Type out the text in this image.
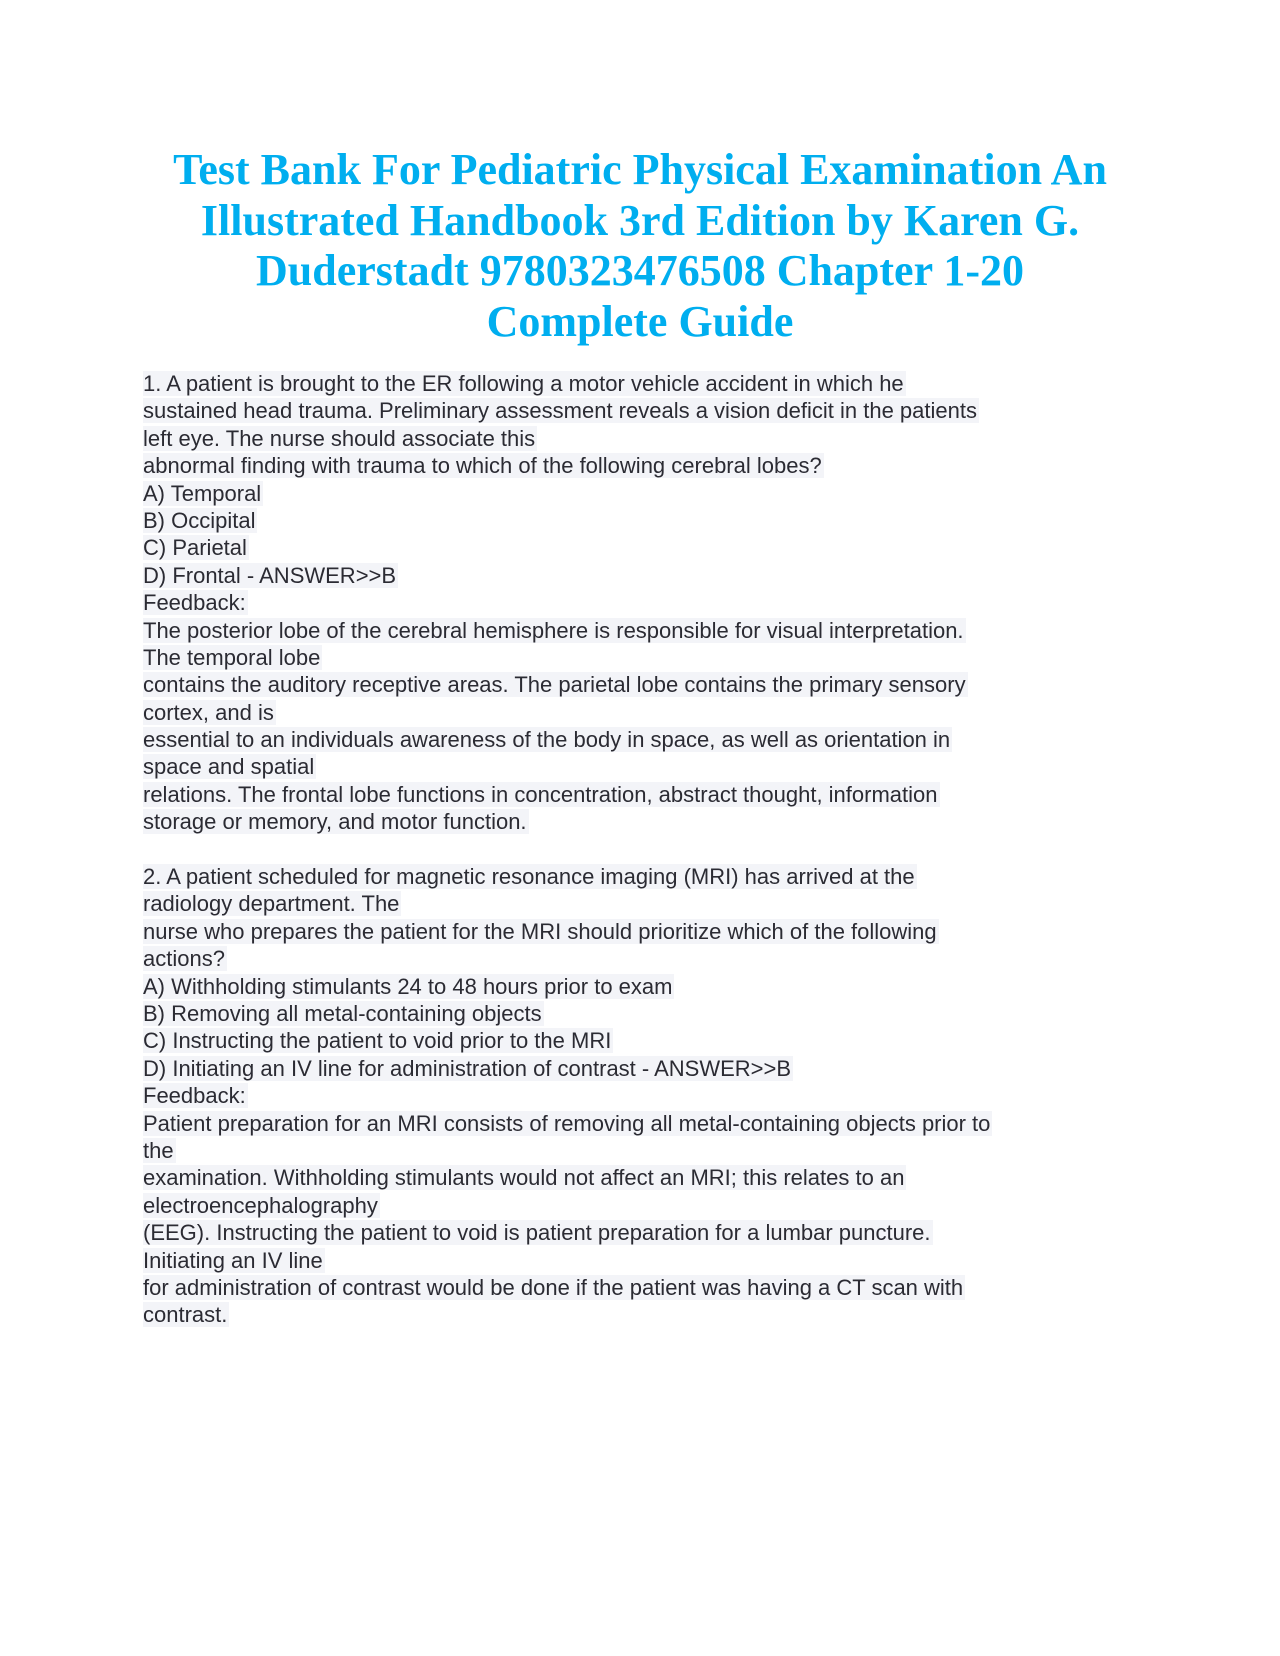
Test Bank For Pediatric Physical Examination An
Illustrated Handbook 3rd Edition by Karen G.
Duderstadt 9780323476508 Chapter 1-20
Complete Guide
1. A patient is brought to the ER following a motor vehicle accident in which he
sustained head trauma. Preliminary assessment reveals a vision deficit in the patients
left eye. The nurse should associate this
abnormal finding with trauma to which of the following cerebral lobes?
A) Temporal
B) Occipital
C) Parietal
D) Frontal - ANSWER>>B
Feedback:
The posterior lobe of the cerebral hemisphere is responsible for visual interpretation.
The temporal lobe
contains the auditory receptive areas. The parietal lobe contains the primary sensory
cortex, and is
essential to an individuals awareness of the body in space, as well as orientation in
space and spatial
relations. The frontal lobe functions in concentration, abstract thought, information
storage or memory, and motor function.
2. A patient scheduled for magnetic resonance imaging (MRI) has arrived at the
radiology department. The
nurse who prepares the patient for the MRI should prioritize which of the following
actions?
A) Withholding stimulants 24 to 48 hours prior to exam
B) Removing all metal-containing objects
C) Instructing the patient to void prior to the MRI
D) Initiating an IV line for administration of contrast - ANSWER>>B
Feedback:
Patient preparation for an MRI consists of removing all metal-containing objects prior to
the
examination. Withholding stimulants would not affect an MRI; this relates to an
electroencephalography
(EEG). Instructing the patient to void is patient preparation for a lumbar puncture.
Initiating an IV line
for administration of contrast would be done if the patient was having a CT scan with
contrast.
